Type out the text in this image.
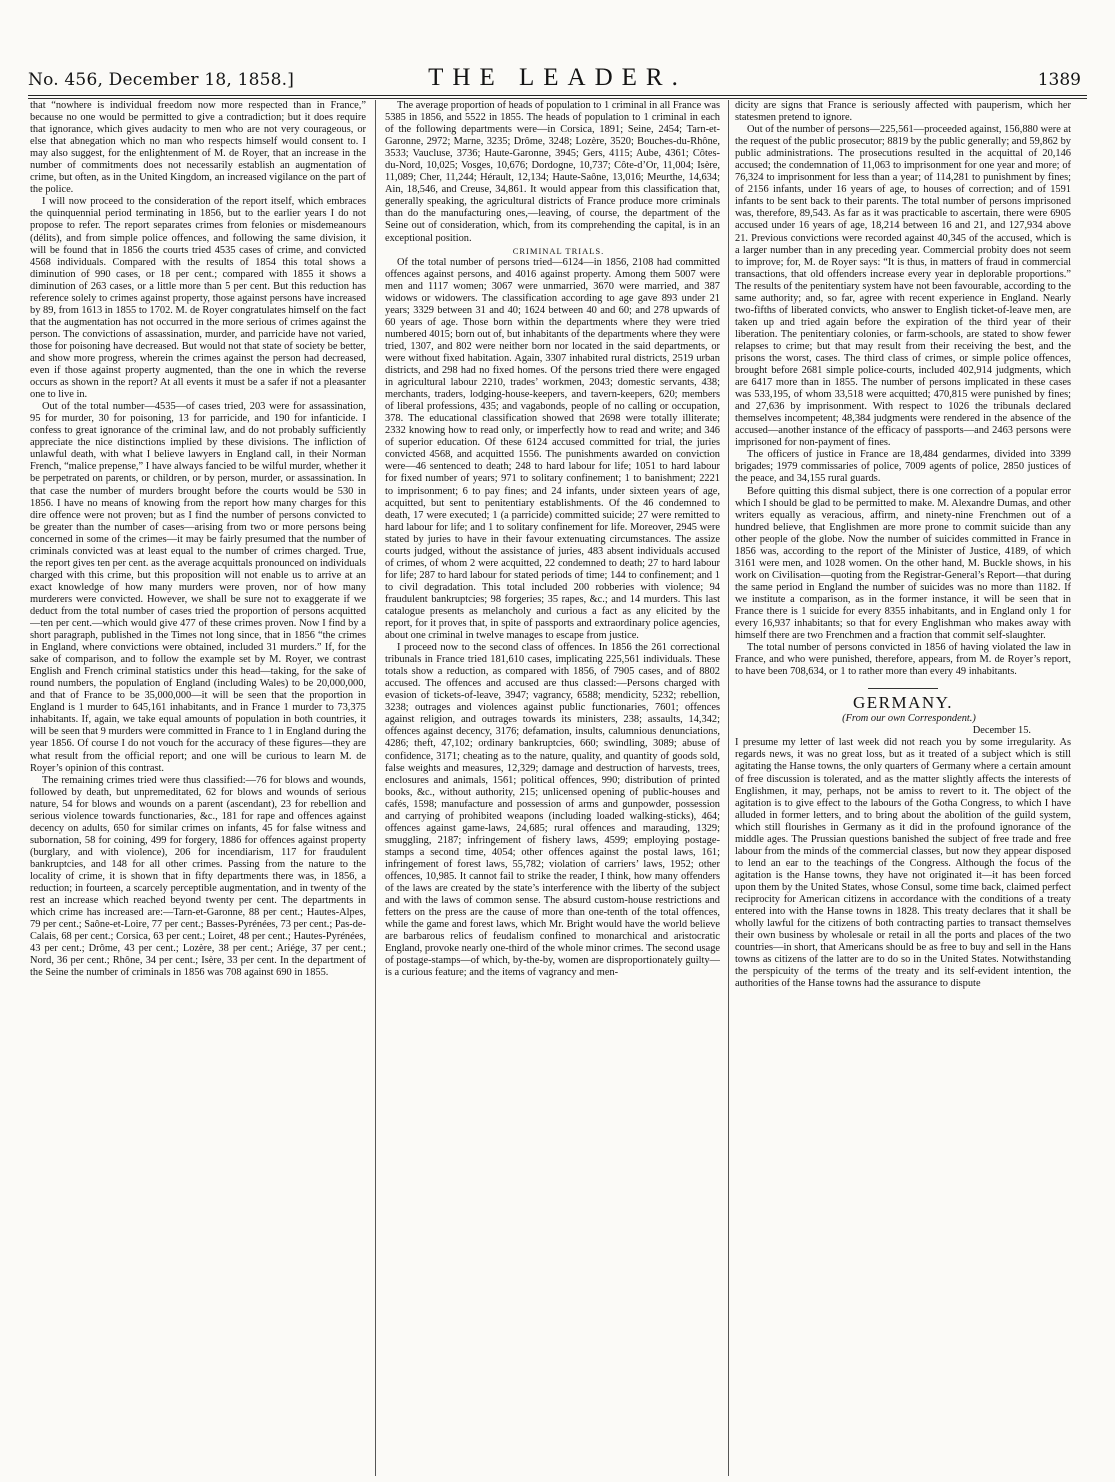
No. 456, December 18, 1858.]	THE LEADER.	1389

that “nowhere is individual freedom now more respected than in France,” because no one would be permitted to give a contradiction; but it does require that ignorance, which gives audacity to men who are not very courageous, or else that abnegation which no man who respects himself would consent to. I may also suggest, for the enlightenment of M. de Royer, that an increase in the number of commitments does not necessarily establish an augmentation of crime, but often, as in the United Kingdom, an increased vigilance on the part of the police.

I will now proceed to the consideration of the report itself, which embraces the quinquennial period terminating in 1856, but to the earlier years I do not propose to refer. The report separates crimes from felonies or misdemeanours (délits), and from simple police offences, and following the same division, it will be found that in 1856 the courts tried 4535 cases of crime, and convicted 4568 individuals. Compared with the results of 1854 this total shows a diminution of 990 cases, or 18 per cent.; compared with 1855 it shows a diminution of 263 cases, or a little more than 5 per cent. But this reduction has reference solely to crimes against property, those against persons have increased by 89, from 1613 in 1855 to 1702. M. de Royer congratulates himself on the fact that the augmentation has not occurred in the more serious of crimes against the person. The convictions of assassination, murder, and parricide have not varied, those for poisoning have decreased. But would not that state of society be better, and show more progress, wherein the crimes against the person had decreased, even if those against property augmented, than the one in which the reverse occurs as shown in the report? At all events it must be a safer if not a pleasanter one to live in.

Out of the total number—4535—of cases tried, 203 were for assassination, 95 for murder, 30 for poisoning, 13 for parricide, and 190 for infanticide. I confess to great ignorance of the criminal law, and do not probably sufficiently appreciate the nice distinctions implied by these divisions. The infliction of unlawful death, with what I believe lawyers in England call, in their Norman French, “malice prepense,” I have always fancied to be wilful murder, whether it be perpetrated on parents, or children, or by person, murder, or assassination. In that case the number of murders brought before the courts would be 530 in 1856. I have no means of knowing from the report how many charges for this dire offence were not proven; but as I find the number of persons convicted to be greater than the number of cases—arising from two or more persons being concerned in some of the crimes—it may be fairly presumed that the number of criminals convicted was at least equal to the number of crimes charged. True, the report gives ten per cent. as the average acquittals pronounced on individuals charged with this crime, but this proposition will not enable us to arrive at an exact knowledge of how many murders were proven, nor of how many murderers were convicted. However, we shall be sure not to exaggerate if we deduct from the total number of cases tried the proportion of persons acquitted—ten per cent.—which would give 477 of these crimes proven. Now I find by a short paragraph, published in the Times not long since, that in 1856 “the crimes in England, where convictions were obtained, included 31 murders.” If, for the sake of comparison, and to follow the example set by M. Royer, we contrast English and French criminal statistics under this head—taking, for the sake of round numbers, the population of England (including Wales) to be 20,000,000, and that of France to be 35,000,000—it will be seen that the proportion in England is 1 murder to 645,161 inhabitants, and in France 1 murder to 73,375 inhabitants. If, again, we take equal amounts of population in both countries, it will be seen that 9 murders were committed in France to 1 in England during the year 1856. Of course I do not vouch for the accuracy of these figures—they are what result from the official report; and one will be curious to learn M. de Royer’s opinion of this contrast.

The remaining crimes tried were thus classified:—76 for blows and wounds, followed by death, but unpremeditated, 62 for blows and wounds of serious nature, 54 for blows and wounds on a parent (ascendant), 23 for rebellion and serious violence towards functionaries, &c., 181 for rape and offences against decency on adults, 650 for similar crimes on infants, 45 for false witness and subornation, 58 for coining, 499 for forgery, 1886 for offences against property (burglary, and with violence), 206 for incendiarism, 117 for fraudulent bankruptcies, and 148 for all other crimes. Passing from the nature to the locality of crime, it is shown that in fifty departments there was, in 1856, a reduction; in fourteen, a scarcely perceptible augmentation, and in twenty of the rest an increase which reached beyond twenty per cent. The departments in which crime has increased are:—Tarn-et-Garonne, 88 per cent.; Hautes-Alpes, 79 per cent.; Saône-et-Loire, 77 per cent.; Basses-Pyrénées, 73 per cent.; Pas-de-Calais, 68 per cent.; Corsica, 63 per cent.; Loiret, 48 per cent.; Hautes-Pyrénées, 43 per cent.; Drôme, 43 per cent.; Lozère, 38 per cent.; Ariége, 37 per cent.; Nord, 36 per cent.; Rhône, 34 per cent.; Isère, 33 per cent. In the department of the Seine the number of criminals in 1856 was 708 against 690 in 1855.

The average proportion of heads of population to 1 criminal in all France was 5385 in 1856, and 5522 in 1855. The heads of population to 1 criminal in each of the following departments were—in Corsica, 1891; Seine, 2454; Tarn-et-Garonne, 2972; Marne, 3235; Drôme, 3248; Lozère, 3520; Bouches-du-Rhône, 3533; Vaucluse, 3736; Haute-Garonne, 3945; Gers, 4115; Aube, 4361; Côtes-du-Nord, 10,025; Vosges, 10,676; Dordogne, 10,737; Côte-d’Or, 11,004; Isère, 11,089; Cher, 11,244; Hérault, 12,134; Haute-Saône, 13,016; Meurthe, 14,634; Ain, 18,546, and Creuse, 34,861. It would appear from this classification that, generally speaking, the agricultural districts of France produce more criminals than do the manufacturing ones,—leaving, of course, the department of the Seine out of consideration, which, from its comprehending the capital, is in an exceptional position.

CRIMINAL TRIALS.

Of the total number of persons tried—6124—in 1856, 2108 had committed offences against persons, and 4016 against property. Among them 5007 were men and 1117 women; 3067 were unmarried, 3670 were married, and 387 widows or widowers. The classification according to age gave 893 under 21 years; 3329 between 31 and 40; 1624 between 40 and 60; and 278 upwards of 60 years of age. Those born within the departments where they were tried numbered 4015; born out of, but inhabitants of the departments where they were tried, 1307, and 802 were neither born nor located in the said departments, or were without fixed habitation. Again, 3307 inhabited rural districts, 2519 urban districts, and 298 had no fixed homes. Of the persons tried there were engaged in agricultural labour 2210, trades’ workmen, 2043; domestic servants, 438; merchants, traders, lodging-house-keepers, and tavern-keepers, 620; members of liberal professions, 435; and vagabonds, people of no calling or occupation, 378. The educational classification showed that 2698 were totally illiterate; 2332 knowing how to read only, or imperfectly how to read and write; and 346 of superior education. Of these 6124 accused committed for trial, the juries convicted 4568, and acquitted 1556. The punishments awarded on conviction were—46 sentenced to death; 248 to hard labour for life; 1051 to hard labour for fixed number of years; 971 to solitary confinement; 1 to banishment; 2221 to imprisonment; 6 to pay fines; and 24 infants, under sixteen years of age, acquitted, but sent to penitentiary establishments. Of the 46 condemned to death, 17 were executed; 1 (a parricide) committed suicide; 27 were remitted to hard labour for life; and 1 to solitary confinement for life. Moreover, 2945 were stated by juries to have in their favour extenuating circumstances. The assize courts judged, without the assistance of juries, 483 absent individuals accused of crimes, of whom 2 were acquitted, 22 condemned to death; 27 to hard labour for life; 287 to hard labour for stated periods of time; 144 to confinement; and 1 to civil degradation. This total included 200 robberies with violence; 94 fraudulent bankruptcies; 98 forgeries; 35 rapes, &c.; and 14 murders. This last catalogue presents as melancholy and curious a fact as any elicited by the report, for it proves that, in spite of passports and extraordinary police agencies, about one criminal in twelve manages to escape from justice.

I proceed now to the second class of offences. In 1856 the 261 correctional tribunals in France tried 181,610 cases, implicating 225,561 individuals. These totals show a reduction, as compared with 1856, of 7905 cases, and of 8802 accused. The offences and accused are thus classed:—Persons charged with evasion of tickets-of-leave, 3947; vagrancy, 6588; mendicity, 5232; rebellion, 3238; outrages and violences against public functionaries, 7601; offences against religion, and outrages towards its ministers, 238; assaults, 14,342; offences against decency, 3176; defamation, insults, calumnious denunciations, 4286; theft, 47,102; ordinary bankruptcies, 660; swindling, 3089; abuse of confidence, 3171; cheating as to the nature, quality, and quantity of goods sold, false weights and measures, 12,329; damage and destruction of harvests, trees, enclosures and animals, 1561; political offences, 990; distribution of printed books, &c., without authority, 215; unlicensed opening of public-houses and cafés, 1598; manufacture and possession of arms and gunpowder, possession and carrying of prohibited weapons (including loaded walking-sticks), 464; offences against game-laws, 24,685; rural offences and marauding, 1329; smuggling, 2187; infringement of fishery laws, 4599; employing postage-stamps a second time, 4054; other offences against the postal laws, 161; infringement of forest laws, 55,782; violation of carriers’ laws, 1952; other offences, 10,985. It cannot fail to strike the reader, I think, how many offenders of the laws are created by the state’s interference with the liberty of the subject and with the laws of common sense. The absurd custom-house restrictions and fetters on the press are the cause of more than one-tenth of the total offences, while the game and forest laws, which Mr. Bright would have the world believe are barbarous relics of feudalism confined to monarchical and aristocratic England, provoke nearly one-third of the whole minor crimes. The second usage of postage-stamps—of which, by-the-by, women are disproportionately guilty—is a curious feature; and the items of vagrancy and men-

dicity are signs that France is seriously affected with pauperism, which her statesmen pretend to ignore.

Out of the number of persons—225,561—proceeded against, 156,880 were at the request of the public prosecutor; 8819 by the public generally; and 59,862 by public administrations. The prosecutions resulted in the acquittal of 20,146 accused; the condemnation of 11,063 to imprisonment for one year and more; of 76,324 to imprisonment for less than a year; of 114,281 to punishment by fines; of 2156 infants, under 16 years of age, to houses of correction; and of 1591 infants to be sent back to their parents. The total number of persons imprisoned was, therefore, 89,543. As far as it was practicable to ascertain, there were 6905 accused under 16 years of age, 18,214 between 16 and 21, and 127,934 above 21. Previous convictions were recorded against 40,345 of the accused, which is a larger number than in any preceding year. Commercial probity does not seem to improve; for, M. de Royer says: “It is thus, in matters of fraud in commercial transactions, that old offenders increase every year in deplorable proportions.” The results of the penitentiary system have not been favourable, according to the same authority; and, so far, agree with recent experience in England. Nearly two-fifths of liberated convicts, who answer to English ticket-of-leave men, are taken up and tried again before the expiration of the third year of their liberation. The penitentiary colonies, or farm-schools, are stated to show fewer relapses to crime; but that may result from their receiving the best, and the prisons the worst, cases. The third class of crimes, or simple police offences, brought before 2681 simple police-courts, included 402,914 judgments, which are 6417 more than in 1855. The number of persons implicated in these cases was 533,195, of whom 33,518 were acquitted; 470,815 were punished by fines; and 27,636 by imprisonment. With respect to 1026 the tribunals declared themselves incompetent; 48,384 judgments were rendered in the absence of the accused—another instance of the efficacy of passports—and 2463 persons were imprisoned for non-payment of fines.

The officers of justice in France are 18,484 gendarmes, divided into 3399 brigades; 1979 commissaries of police, 7009 agents of police, 2850 justices of the peace, and 34,155 rural guards.

Before quitting this dismal subject, there is one correction of a popular error which I should be glad to be permitted to make. M. Alexandre Dumas, and other writers equally as veracious, affirm, and ninety-nine Frenchmen out of a hundred believe, that Englishmen are more prone to commit suicide than any other people of the globe. Now the number of suicides committed in France in 1856 was, according to the report of the Minister of Justice, 4189, of which 3161 were men, and 1028 women. On the other hand, M. Buckle shows, in his work on Civilisation—quoting from the Registrar-General’s Report—that during the same period in England the number of suicides was no more than 1182. If we institute a comparison, as in the former instance, it will be seen that in France there is 1 suicide for every 8355 inhabitants, and in England only 1 for every 16,937 inhabitants; so that for every Englishman who makes away with himself there are two Frenchmen and a fraction that commit self-slaughter.

The total number of persons convicted in 1856 of having violated the law in France, and who were punished, therefore, appears, from M. de Royer’s report, to have been 708,634, or 1 to rather more than every 49 inhabitants.

GERMANY.

(From our own Correspondent.)

December 15.

I presume my letter of last week did not reach you by some irregularity. As regards news, it was no great loss, but as it treated of a subject which is still agitating the Hanse towns, the only quarters of Germany where a certain amount of free discussion is tolerated, and as the matter slightly affects the interests of Englishmen, it may, perhaps, not be amiss to revert to it. The object of the agitation is to give effect to the labours of the Gotha Congress, to which I have alluded in former letters, and to bring about the abolition of the guild system, which still flourishes in Germany as it did in the profound ignorance of the middle ages. The Prussian questions banished the subject of free trade and free labour from the minds of the commercial classes, but now they appear disposed to lend an ear to the teachings of the Congress. Although the focus of the agitation is the Hanse towns, they have not originated it—it has been forced upon them by the United States, whose Consul, some time back, claimed perfect reciprocity for American citizens in accordance with the conditions of a treaty entered into with the Hanse towns in 1828. This treaty declares that it shall be wholly lawful for the citizens of both contracting parties to transact themselves their own business by wholesale or retail in all the ports and places of the two countries—in short, that Americans should be as free to buy and sell in the Hans towns as citizens of the latter are to do so in the United States. Notwithstanding the perspicuity of the terms of the treaty and its self-evident intention, the authorities of the Hanse towns had the assurance to dispute
